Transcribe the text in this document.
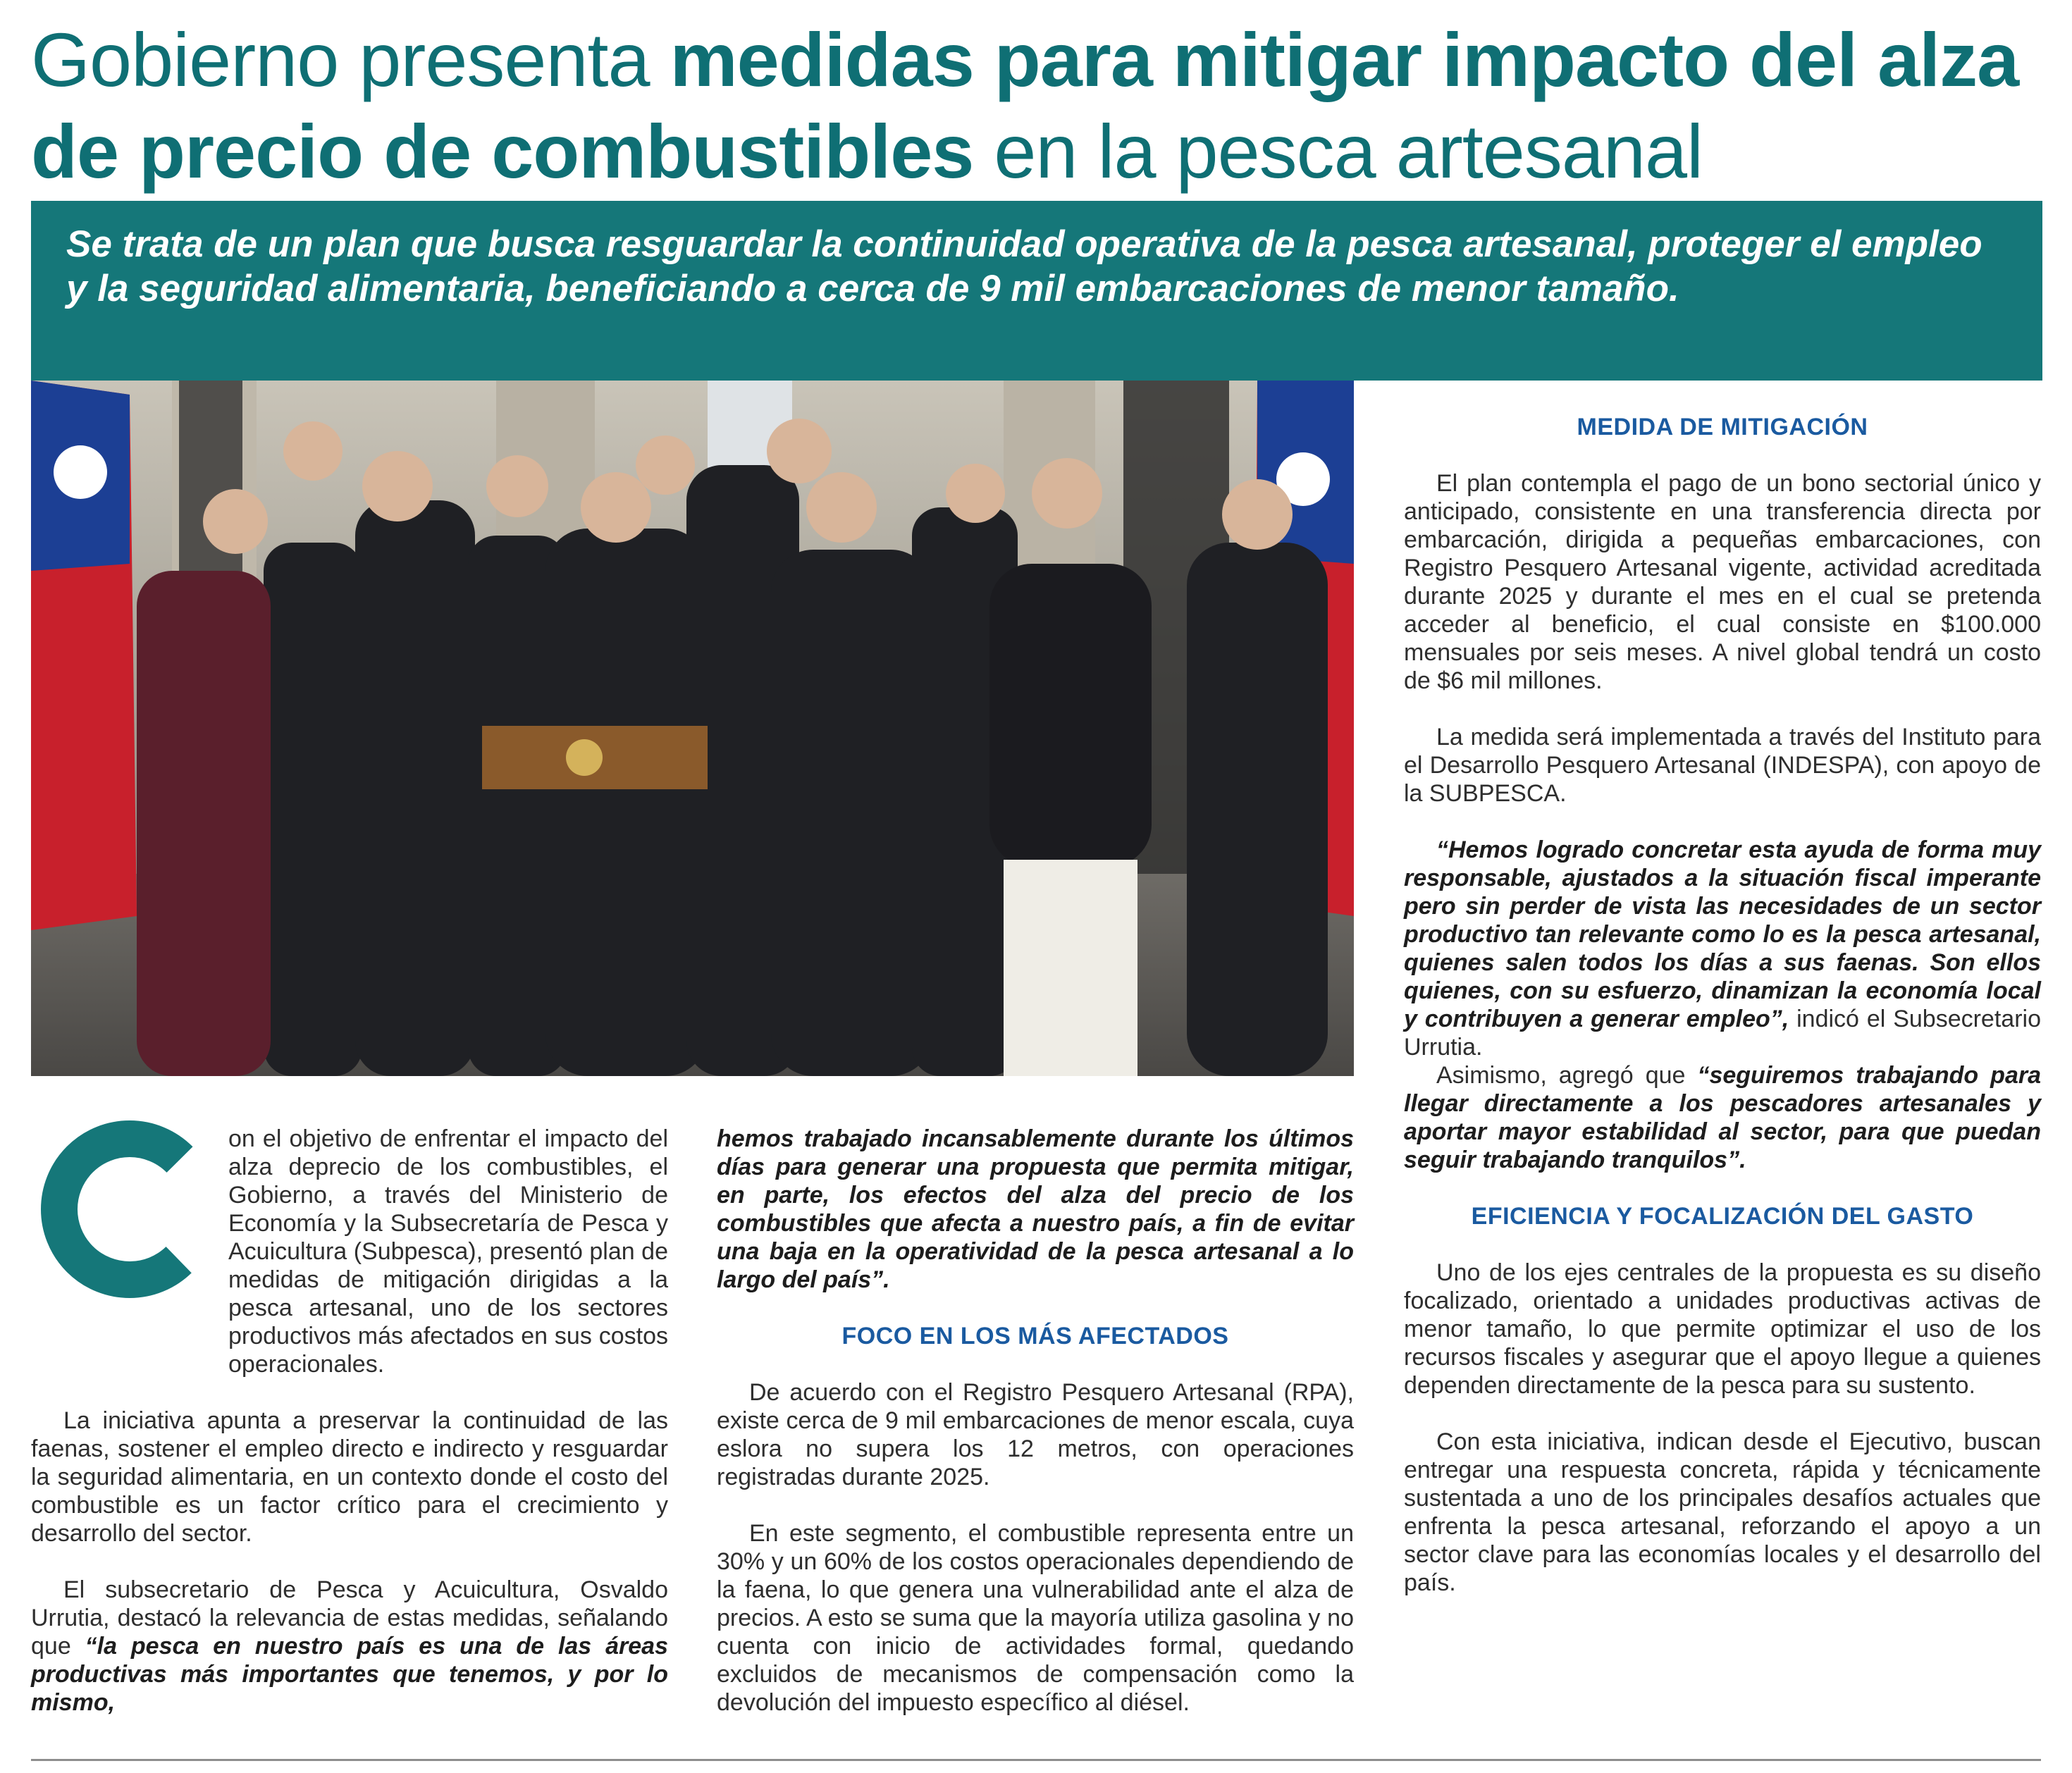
Gobierno presenta medidas para mitigar impacto del alza de precio de combustibles en la pesca artesanal

Se trata de un plan que busca resguardar la continuidad operativa de la pesca artesanal, proteger el empleo y la seguridad alimentaria, beneficiando a cerca de 9 mil embarcaciones de menor tamaño.

on el objetivo de enfrentar el impacto del alza deprecio de los combustibles, el Gobierno, a través del Ministerio de Economía y la Subsecretaría de Pesca y Acuicultura (Subpesca), presentó plan de medidas de mitigación dirigidas a la pesca artesanal, uno de los sectores productivos más afectados en sus costos operacionales.

La iniciativa apunta a preservar la continuidad de las faenas, sostener el empleo directo e indirecto y resguardar la seguridad alimentaria, en un contexto donde el costo del combustible es un factor crítico para el crecimiento y desarrollo del sector.

El subsecretario de Pesca y Acuicultura, Osvaldo Urrutia, destacó la relevancia de estas medidas, señalando que “la pesca en nuestro país es una de las áreas productivas más importantes que tenemos, y por lo mismo,

hemos trabajado incansablemente durante los últimos días para generar una propuesta que permita mitigar, en parte, los efectos del alza del precio de los combustibles que afecta a nuestro país, a fin de evitar una baja en la operatividad de la pesca artesanal a lo largo del país”.

FOCO EN LOS MÁS AFECTADOS

De acuerdo con el Registro Pesquero Artesanal (RPA), existe cerca de 9 mil embarcaciones de menor escala, cuya eslora no supera los 12 metros, con operaciones registradas durante 2025.

En este segmento, el combustible representa entre un 30% y un 60% de los costos operacionales dependiendo de la faena, lo que genera una vulnerabilidad ante el alza de precios. A esto se suma que la mayoría utiliza gasolina y no cuenta con inicio de actividades formal, quedando excluidos de mecanismos de compensación como la devolución del impuesto específico al diésel.

MEDIDA DE MITIGACIÓN

El plan contempla el pago de un bono sectorial único y anticipado, consistente en una transferencia directa por embarcación, dirigida a pequeñas embarcaciones, con Registro Pesquero Artesanal vigente, actividad acreditada durante 2025 y durante el mes en el cual se pretenda acceder al beneficio, el cual consiste en $100.000 mensuales por seis meses. A nivel global tendrá un costo de $6 mil millones.

La medida será implementada a través del Instituto para el Desarrollo Pesquero Artesanal (INDESPA), con apoyo de la SUBPESCA.

“Hemos logrado concretar esta ayuda de forma muy responsable, ajustados a la situación fiscal imperante pero sin perder de vista las necesidades de un sector productivo tan relevante como lo es la pesca artesanal, quienes salen todos los días a sus faenas. Son ellos quienes, con su esfuerzo, dinamizan la economía local y contribuyen a generar empleo”, indicó el Subsecretario Urrutia.

Asimismo, agregó que “seguiremos trabajando para llegar directamente a los pescadores artesanales y aportar mayor estabilidad al sector, para que puedan seguir trabajando tranquilos”.

EFICIENCIA Y FOCALIZACIÓN DEL GASTO

Uno de los ejes centrales de la propuesta es su diseño focalizado, orientado a unidades productivas activas de menor tamaño, lo que permite optimizar el uso de los recursos fiscales y asegurar que el apoyo llegue a quienes dependen directamente de la pesca para su sustento.

Con esta iniciativa, indican desde el Ejecutivo, buscan entregar una respuesta concreta, rápida y técnicamente sustentada a uno de los principales desafíos actuales que enfrenta la pesca artesanal, reforzando el apoyo a un sector clave para las economías locales y el desarrollo del país.
